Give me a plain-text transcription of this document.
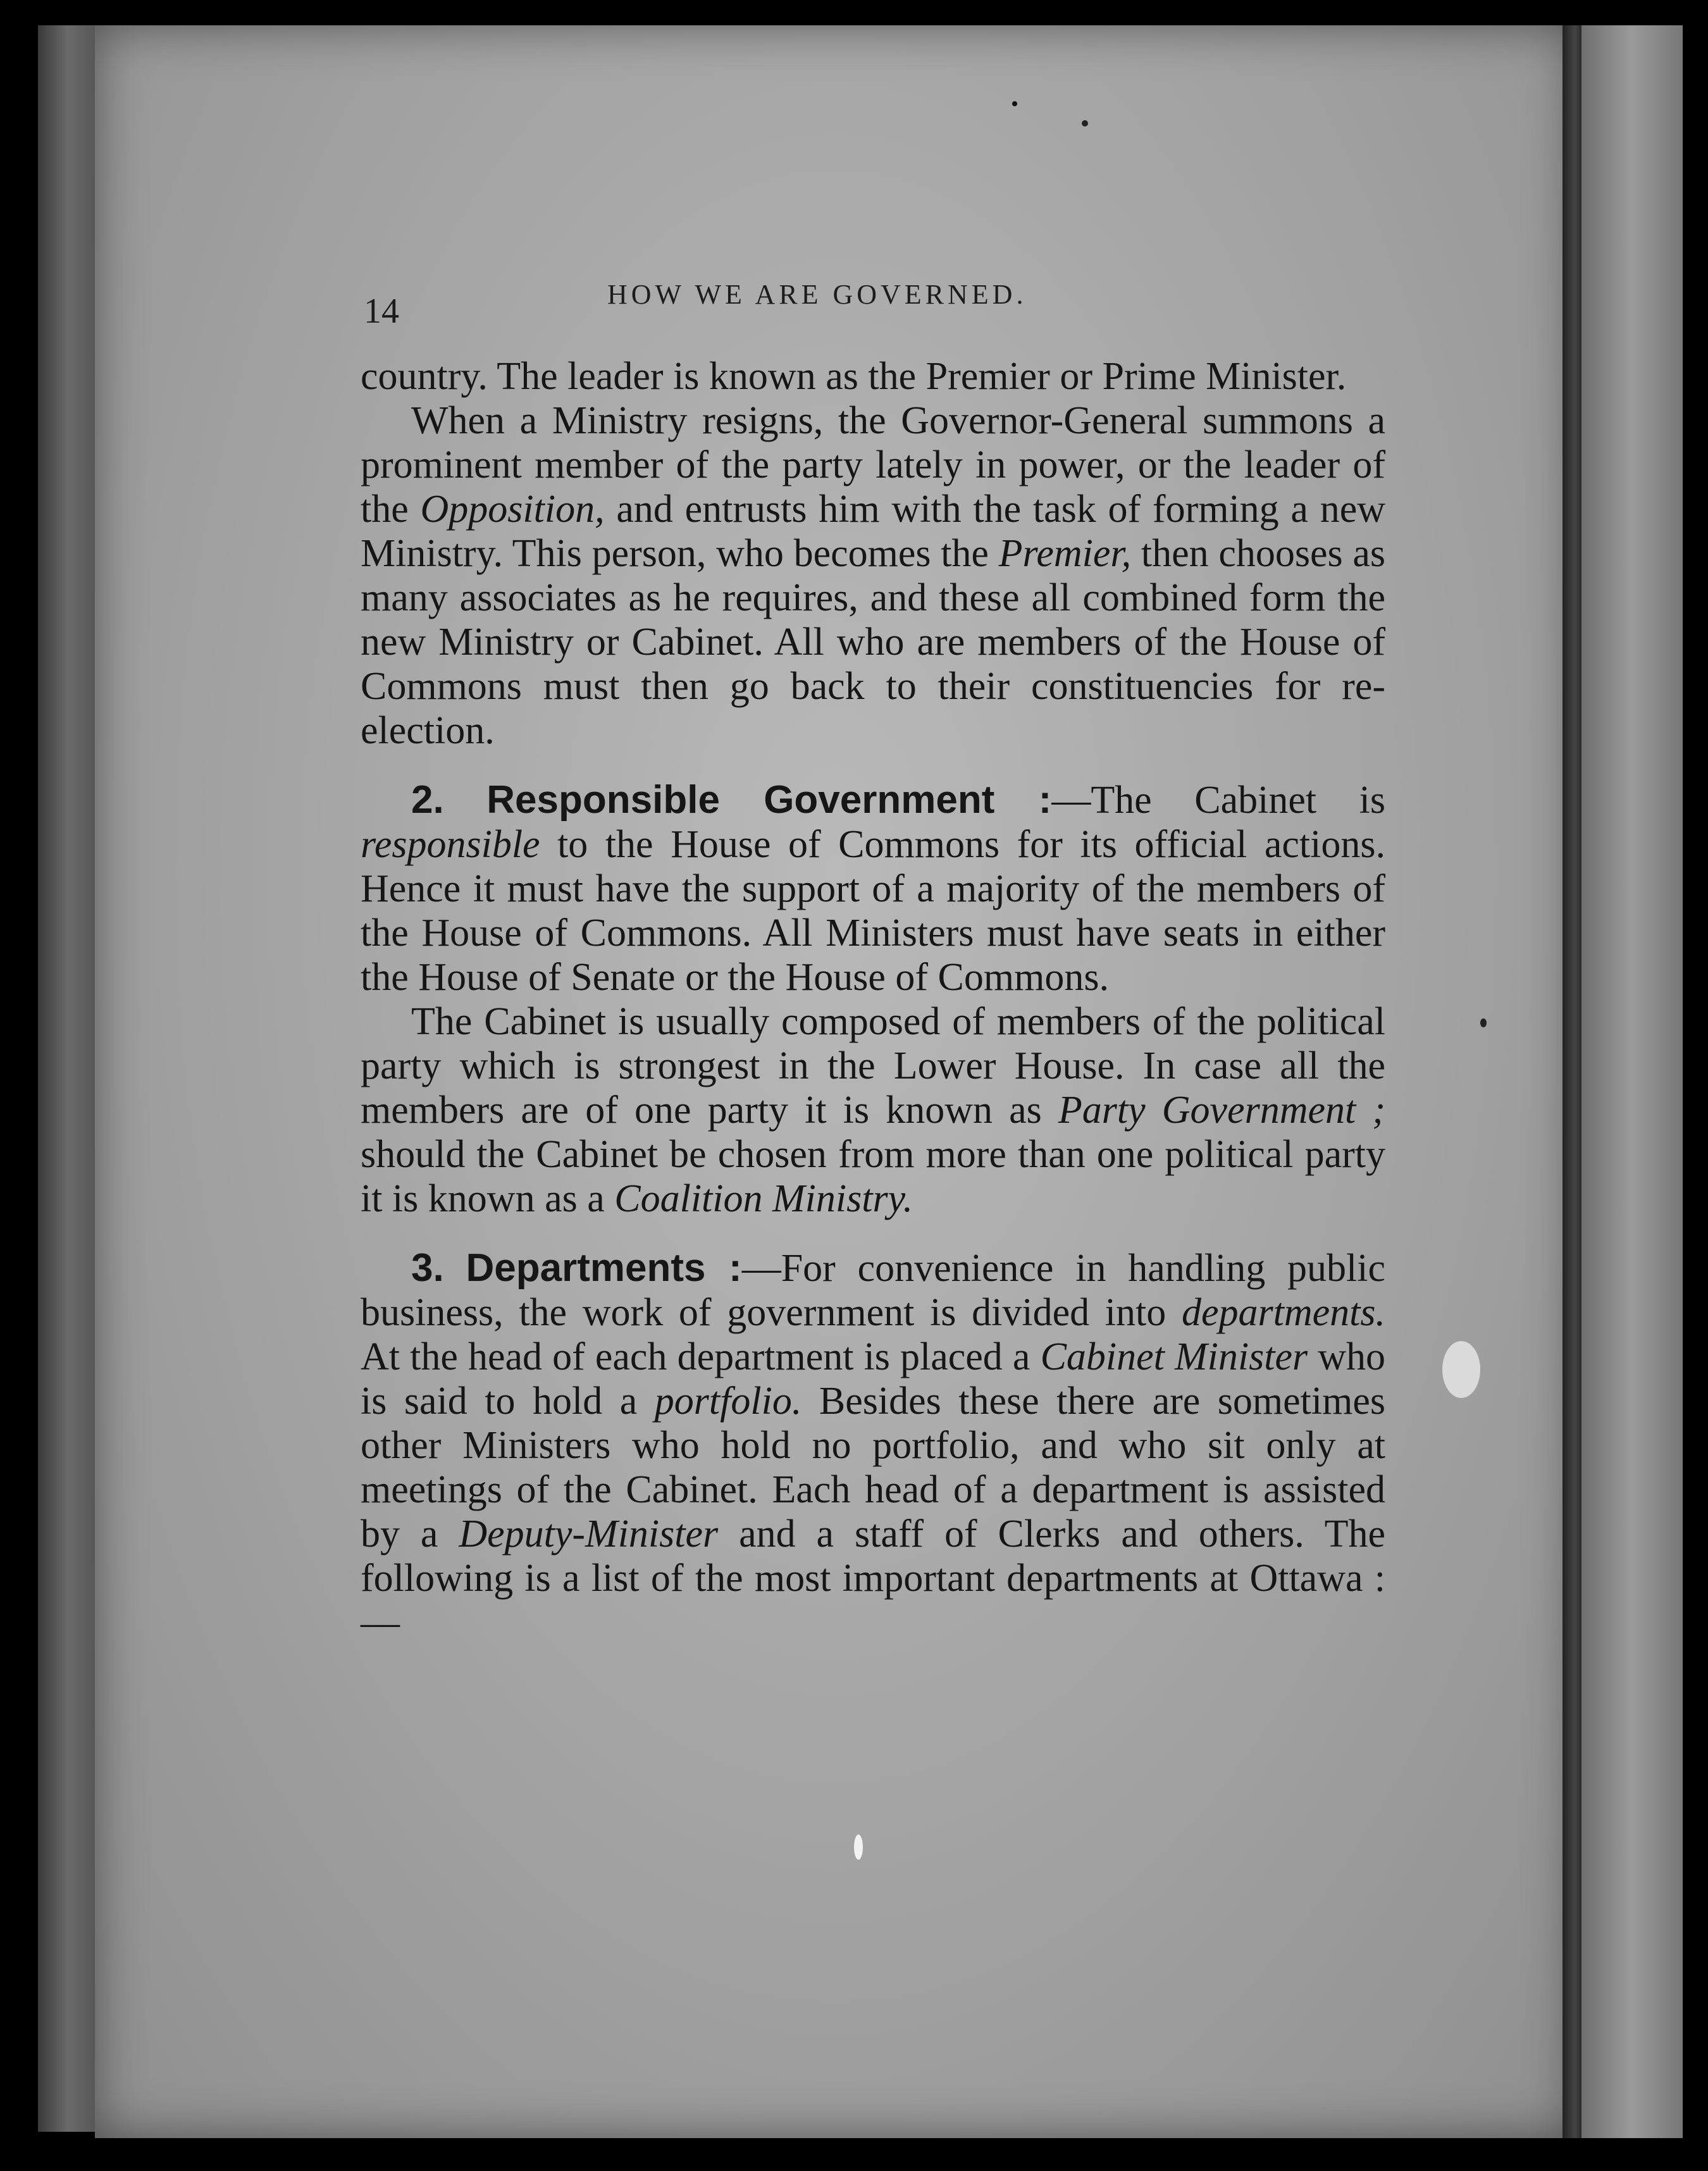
14	HOW WE ARE GOVERNED.

country. The leader is known as the Premier or Prime Minister.

When a Ministry resigns, the Governor-General summons a prominent member of the party lately in power, or the leader of the Opposition, and entrusts him with the task of forming a new Ministry. This person, who becomes the Premier, then chooses as many associates as he requires, and these all combined form the new Ministry or Cabinet. All who are members of the House of Commons must then go back to their constituencies for re-election.

2. Responsible Government :—The Cabinet is responsible to the House of Commons for its official actions. Hence it must have the support of a majority of the members of the House of Commons. All Ministers must have seats in either the House of Senate or the House of Commons.

The Cabinet is usually composed of members of the political party which is strongest in the Lower House. In case all the members are of one party it is known as Party Government ; should the Cabinet be chosen from more than one political party it is known as a Coalition Ministry.

3. Departments :—For convenience in handling public business, the work of government is divided into departments. At the head of each department is placed a Cabinet Minister who is said to hold a portfolio. Besides these there are sometimes other Ministers who hold no portfolio, and who sit only at meetings of the Cabinet. Each head of a department is assisted by a Deputy-Minister and a staff of Clerks and others. The following is a list of the most important departments at Ottawa :—
